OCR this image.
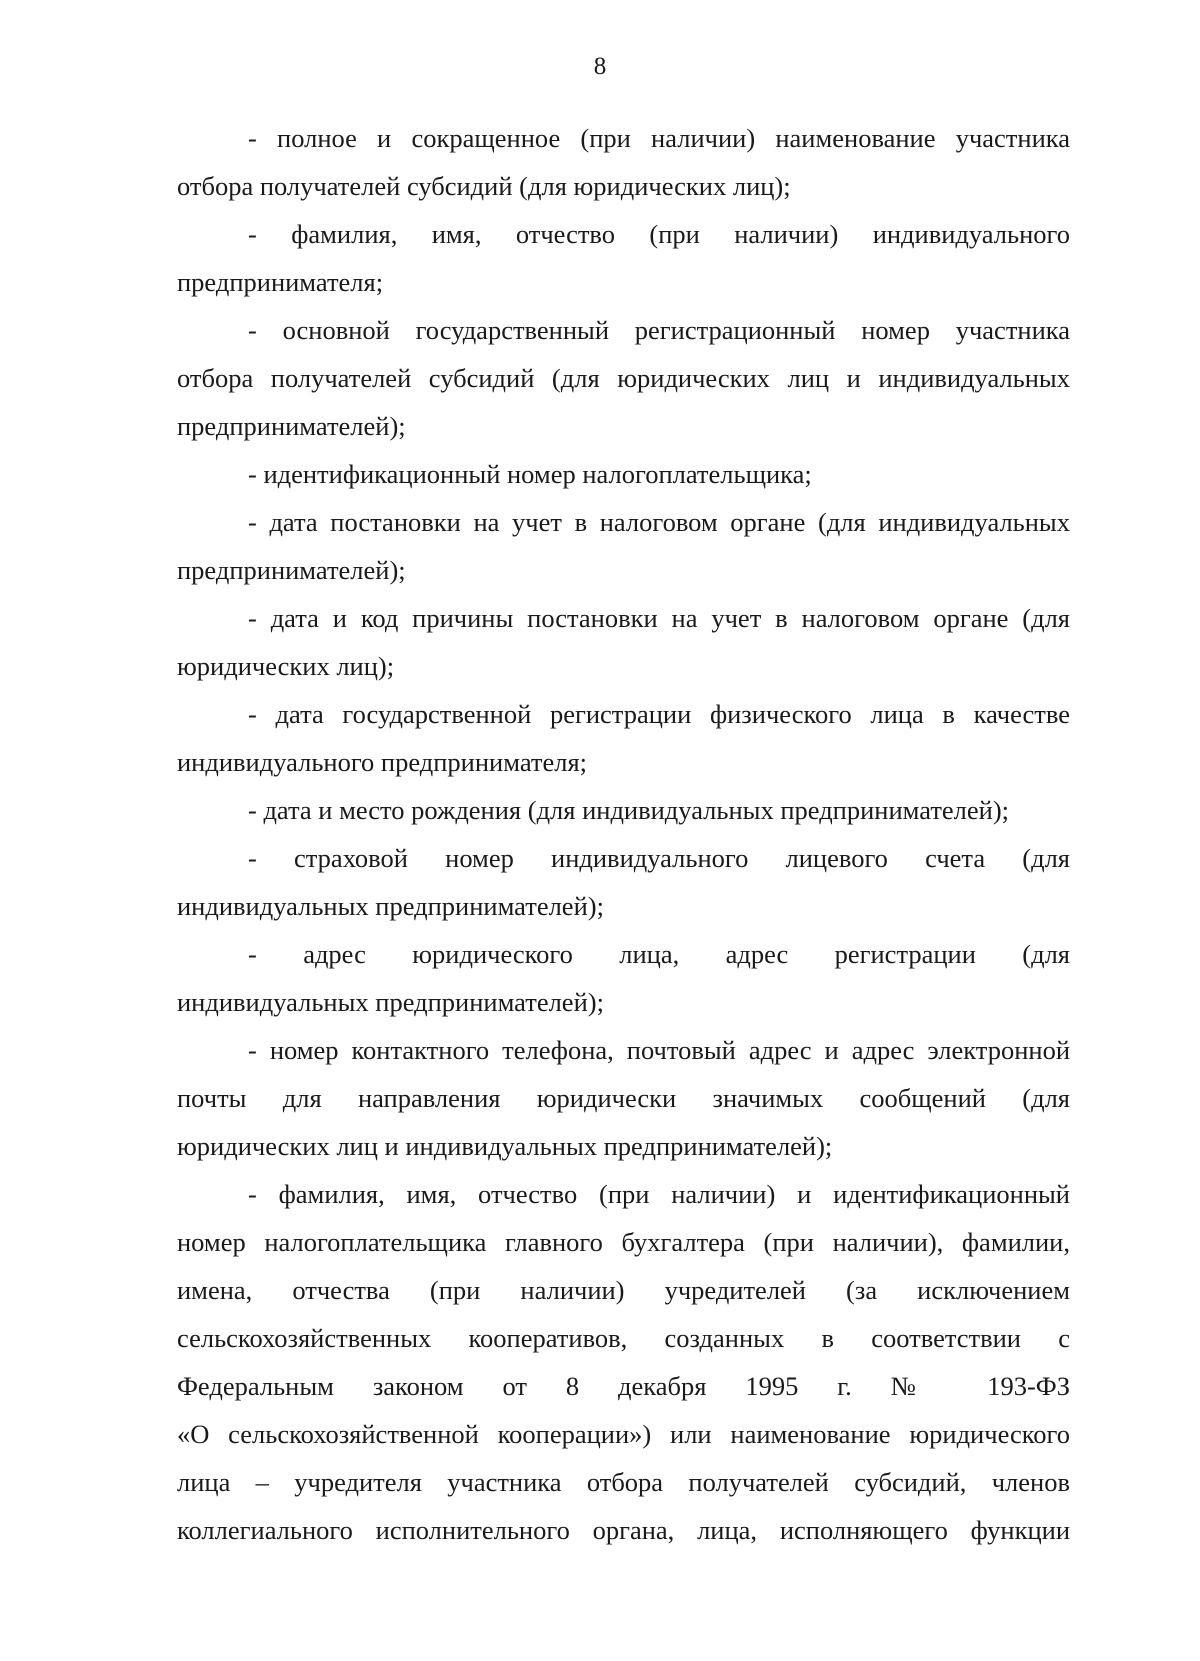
8
- полное и сокращенное (при наличии) наименование участника
отбора получателей субсидий (для юридических лиц);
- фамилия, имя, отчество (при наличии) индивидуального
предпринимателя;
- основной государственный регистрационный номер участника
отбора получателей субсидий (для юридических лиц и индивидуальных
предпринимателей);
- идентификационный номер налогоплательщика;
- дата постановки на учет в налоговом органе (для индивидуальных
предпринимателей);
- дата и код причины постановки на учет в налоговом органе (для
юридических лиц);
- дата государственной регистрации физического лица в качестве
индивидуального предпринимателя;
- дата и место рождения (для индивидуальных предпринимателей);
- страховой номер индивидуального лицевого счета (для
индивидуальных предпринимателей);
- адрес юридического лица, адрес регистрации (для
индивидуальных предпринимателей);
- номер контактного телефона, почтовый адрес и адрес электронной
почты для направления юридически значимых сообщений (для
юридических лиц и индивидуальных предпринимателей);
- фамилия, имя, отчество (при наличии) и идентификационный
номер налогоплательщика главного бухгалтера (при наличии), фамилии,
имена, отчества (при наличии) учредителей (за исключением
сельскохозяйственных кооперативов, созданных в соответствии с
Федеральным законом от 8 декабря 1995 г. № 193-ФЗ
«О сельскохозяйственной кооперации») или наименование юридического
лица – учредителя участника отбора получателей субсидий, членов
коллегиального исполнительного органа, лица, исполняющего функции
